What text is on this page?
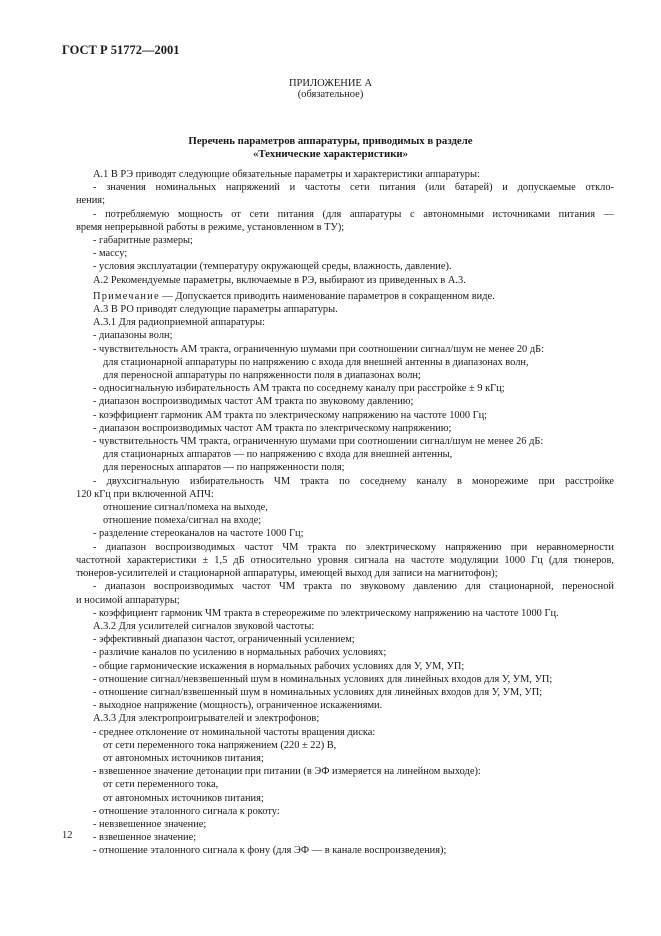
ГОСТ Р 51772—2001
ПРИЛОЖЕНИЕ А
(обязательное)
Перечень параметров аппаратуры, приводимых в разделе
«Технические характеристики»
А.1 В РЭ приводят следующие обязательные параметры и характеристики аппаратуры:
- значения номинальных напряжений и частоты сети питания (или батарей) и допускаемые откло-
нения;
- потребляемую мощность от сети питания (для аппаратуры с автономными источниками питания —
время непрерывной работы в режиме, установленном в ТУ);
- габаритные размеры;
- массу;
- условия эксплуатации (температуру окружающей среды, влажность, давление).
А.2 Рекомендуемые параметры, включаемые в РЭ, выбирают из приведенных в А.3.
Примечание — Допускается приводить наименование параметров в сокращенном виде.
А.3 В РО приводят следующие параметры аппаратуры.
А.3.1 Для радиоприемной аппаратуры:
- диапазоны волн;
- чувствительность АМ тракта, ограниченную шумами при соотношении сигнал/шум не менее 20 дБ:
для стационарной аппаратуры по напряжению с входа для внешней антенны в диапазонах волн,
для переносной аппаратуры по напряженности поля в диапазонах волн;
- односигнальную избирательность АМ тракта по соседнему каналу при расстройке ± 9 кГц;
- диапазон воспроизводимых частот АМ тракта по звуковому давлению;
- коэффициент гармоник АМ тракта по электрическому напряжению на частоте 1000 Гц;
- диапазон воспроизводимых частот АМ тракта по электрическому напряжению;
- чувствительность ЧМ тракта, ограниченную шумами при соотношении сигнал/шум не менее 26 дБ:
для стационарных аппаратов — по напряжению с входа для внешней антенны,
для переносных аппаратов — по напряженности поля;
- двухсигнальную избирательность ЧМ тракта по соседнему каналу в монорежиме при расстройке
120 кГц при включенной АПЧ:
отношение сигнал/помеха на выходе,
отношение помеха/сигнал на входе;
- разделение стереоканалов на частоте 1000 Гц;
- диапазон воспроизводимых частот ЧМ тракта по электрическому напряжению при неравномерности
частотной характеристики ± 1,5 дБ относительно уровня сигнала на частоте модуляции 1000 Гц (для тюнеров,
тюнеров-усилителей и стационарной аппаратуры, имеющей выход для записи на магнитофон);
- диапазон воспроизводимых частот ЧМ тракта по звуковому давлению для стационарной, переносной
и носимой аппаратуры;
- коэффициент гармоник ЧМ тракта в стереорежиме по электрическому напряжению на частоте 1000 Гц.
А.3.2 Для усилителей сигналов звуковой частоты:
- эффективный диапазон частот, ограниченный усилением;
- различие каналов по усилению в нормальных рабочих условиях;
- общие гармонические искажения в нормальных рабочих условиях для У, УМ, УП;
- отношение сигнал/невзвешенный шум в номинальных условиях для линейных входов для У, УМ, УП;
- отношение сигнал/взвешенный шум в номинальных условиях для линейных входов для У, УМ, УП;
- выходное напряжение (мощность), ограниченное искажениями.
А.3.3 Для электропроигрывателей и электрофонов;
- среднее отклонение от номинальной частоты вращения диска:
от сети переменного тока напряжением (220 ± 22) В,
от автономных источников питания;
- взвешенное значение детонации при питании (в ЭФ измеряется на линейном выходе):
от сети переменного тока,
от автономных источников питания;
- отношение эталонного сигнала к рокоту:
- невзвешенное значение;
- взвешенное значение;
- отношение эталонного сигнала к фону (для ЭФ — в канале воспроизведения);
12
